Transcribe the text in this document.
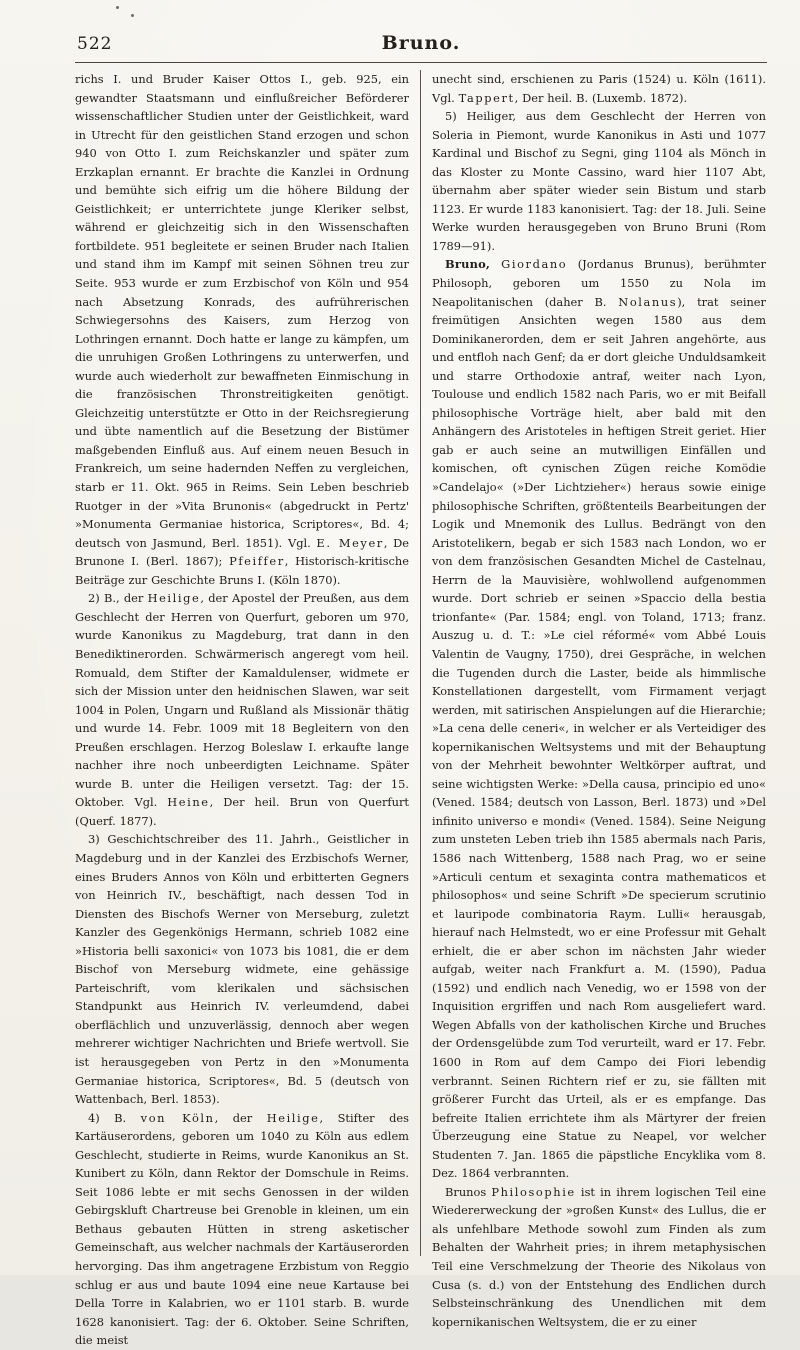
522	Bruno.

richs I. und Bruder Kaiser Ottos I., geb. 925, ein gewandter Staatsmann und einflußreicher Beförderer wissenschaftlicher Studien unter der Geistlichkeit, ward in Utrecht für den geistlichen Stand erzogen und schon 940 von Otto I. zum Reichskanzler und später zum Erzkaplan ernannt. Er brachte die Kanzlei in Ordnung und bemühte sich eifrig um die höhere Bildung der Geistlichkeit; er unterrichtete junge Kleriker selbst, während er gleichzeitig sich in den Wissenschaften fortbildete. 951 begleitete er seinen Bruder nach Italien und stand ihm im Kampf mit seinen Söhnen treu zur Seite. 953 wurde er zum Erzbischof von Köln und 954 nach Absetzung Konrads, des aufrührerischen Schwiegersohns des Kaisers, zum Herzog von Lothringen ernannt. Doch hatte er lange zu kämpfen, um die unruhigen Großen Lothringens zu unterwerfen, und wurde auch wiederholt zur bewaffneten Einmischung in die französischen Thronstreitigkeiten genötigt. Gleichzeitig unterstützte er Otto in der Reichsregierung und übte namentlich auf die Besetzung der Bistümer maßgebenden Einfluß aus. Auf einem neuen Besuch in Frankreich, um seine hadernden Neffen zu vergleichen, starb er 11. Okt. 965 in Reims. Sein Leben beschrieb Ruotger in der »Vita Brunonis« (abgedruckt in Pertz' »Monumenta Germaniae historica, Scriptores«, Bd. 4; deutsch von Jasmund, Berl. 1851). Vgl. E. Meyer, De Brunone I. (Berl. 1867); Pfeiffer, Historisch-kritische Beiträge zur Geschichte Bruns I. (Köln 1870).

2) B., der Heilige, der Apostel der Preußen, aus dem Geschlecht der Herren von Querfurt, geboren um 970, wurde Kanonikus zu Magdeburg, trat dann in den Benediktinerorden. Schwärmerisch angeregt vom heil. Romuald, dem Stifter der Kamaldulenser, widmete er sich der Mission unter den heidnischen Slawen, war seit 1004 in Polen, Ungarn und Rußland als Missionär thätig und wurde 14. Febr. 1009 mit 18 Begleitern von den Preußen erschlagen. Herzog Boleslaw I. erkaufte lange nachher ihre noch unbeerdigten Leichname. Später wurde B. unter die Heiligen versetzt. Tag: der 15. Oktober. Vgl. Heine, Der heil. Brun von Querfurt (Querf. 1877).

3) Geschichtschreiber des 11. Jahrh., Geistlicher in Magdeburg und in der Kanzlei des Erzbischofs Werner, eines Bruders Annos von Köln und erbitterten Gegners von Heinrich IV., beschäftigt, nach dessen Tod in Diensten des Bischofs Werner von Merseburg, zuletzt Kanzler des Gegenkönigs Hermann, schrieb 1082 eine »Historia belli saxonici« von 1073 bis 1081, die er dem Bischof von Merseburg widmete, eine gehässige Parteischrift, vom klerikalen und sächsischen Standpunkt aus Heinrich IV. verleumdend, dabei oberflächlich und unzuverlässig, dennoch aber wegen mehrerer wichtiger Nachrichten und Briefe wertvoll. Sie ist herausgegeben von Pertz in den »Monumenta Germaniae historica, Scriptores«, Bd. 5 (deutsch von Wattenbach, Berl. 1853).

4) B. von Köln, der Heilige, Stifter des Kartäuserordens, geboren um 1040 zu Köln aus edlem Geschlecht, studierte in Reims, wurde Kanonikus an St. Kunibert zu Köln, dann Rektor der Domschule in Reims. Seit 1086 lebte er mit sechs Genossen in der wilden Gebirgskluft Chartreuse bei Grenoble in kleinen, um ein Bethaus gebauten Hütten in streng asketischer Gemeinschaft, aus welcher nachmals der Kartäuserorden hervorging. Das ihm angetragene Erzbistum von Reggio schlug er aus und baute 1094 eine neue Kartause bei Della Torre in Kalabrien, wo er 1101 starb. B. wurde 1628 kanonisiert. Tag: der 6. Oktober. Seine Schriften, die meist

unecht sind, erschienen zu Paris (1524) u. Köln (1611). Vgl. Tappert, Der heil. B. (Luxemb. 1872).

5) Heiliger, aus dem Geschlecht der Herren von Soleria in Piemont, wurde Kanonikus in Asti und 1077 Kardinal und Bischof zu Segni, ging 1104 als Mönch in das Kloster zu Monte Cassino, ward hier 1107 Abt, übernahm aber später wieder sein Bistum und starb 1123. Er wurde 1183 kanonisiert. Tag: der 18. Juli. Seine Werke wurden herausgegeben von Bruno Bruni (Rom 1789—91).

Bruno, Giordano (Jordanus Brunus), berühmter Philosoph, geboren um 1550 zu Nola im Neapolitanischen (daher B. Nolanus), trat seiner freimütigen Ansichten wegen 1580 aus dem Dominikanerorden, dem er seit Jahren angehörte, aus und entfloh nach Genf; da er dort gleiche Unduldsamkeit und starre Orthodoxie antraf, weiter nach Lyon, Toulouse und endlich 1582 nach Paris, wo er mit Beifall philosophische Vorträge hielt, aber bald mit den Anhängern des Aristoteles in heftigen Streit geriet. Hier gab er auch seine an mutwilligen Einfällen und komischen, oft cynischen Zügen reiche Komödie »Candelajo« (»Der Lichtzieher«) heraus sowie einige philosophische Schriften, größtenteils Bearbeitungen der Logik und Mnemonik des Lullus. Bedrängt von den Aristotelikern, begab er sich 1583 nach London, wo er von dem französischen Gesandten Michel de Castelnau, Herrn de la Mauvisière, wohlwollend aufgenommen wurde. Dort schrieb er seinen »Spaccio della bestia trionfante« (Par. 1584; engl. von Toland, 1713; franz. Auszug u. d. T.: »Le ciel réformé« vom Abbé Louis Valentin de Vaugny, 1750), drei Gespräche, in welchen die Tugenden durch die Laster, beide als himmlische Konstellationen dargestellt, vom Firmament verjagt werden, mit satirischen Anspielungen auf die Hierarchie; »La cena delle ceneri«, in welcher er als Verteidiger des kopernikanischen Weltsystems und mit der Behauptung von der Mehrheit bewohnter Weltkörper auftrat, und seine wichtigsten Werke: »Della causa, principio ed uno« (Vened. 1584; deutsch von Lasson, Berl. 1873) und »Del infinito universo e mondi« (Vened. 1584). Seine Neigung zum unsteten Leben trieb ihn 1585 abermals nach Paris, 1586 nach Wittenberg, 1588 nach Prag, wo er seine »Articuli centum et sexaginta contra mathematicos et philosophos« und seine Schrift »De specierum scrutinio et lauripode combinatoria Raym. Lulli« herausgab, hierauf nach Helmstedt, wo er eine Professur mit Gehalt erhielt, die er aber schon im nächsten Jahr wieder aufgab, weiter nach Frankfurt a. M. (1590), Padua (1592) und endlich nach Venedig, wo er 1598 von der Inquisition ergriffen und nach Rom ausgeliefert ward. Wegen Abfalls von der katholischen Kirche und Bruches der Ordensgelübde zum Tod verurteilt, ward er 17. Febr. 1600 in Rom auf dem Campo dei Fiori lebendig verbrannt. Seinen Richtern rief er zu, sie fällten mit größerer Furcht das Urteil, als er es empfange. Das befreite Italien errichtete ihm als Märtyrer der freien Überzeugung eine Statue zu Neapel, vor welcher Studenten 7. Jan. 1865 die päpstliche Encyklika vom 8. Dez. 1864 verbrannten.

Brunos Philosophie ist in ihrem logischen Teil eine Wiedererweckung der »großen Kunst« des Lullus, die er als unfehlbare Methode sowohl zum Finden als zum Behalten der Wahrheit pries; in ihrem metaphysischen Teil eine Verschmelzung der Theorie des Nikolaus von Cusa (s. d.) von der Entstehung des Endlichen durch Selbsteinschränkung des Unendlichen mit dem kopernikanischen Weltsystem, die er zu einer
